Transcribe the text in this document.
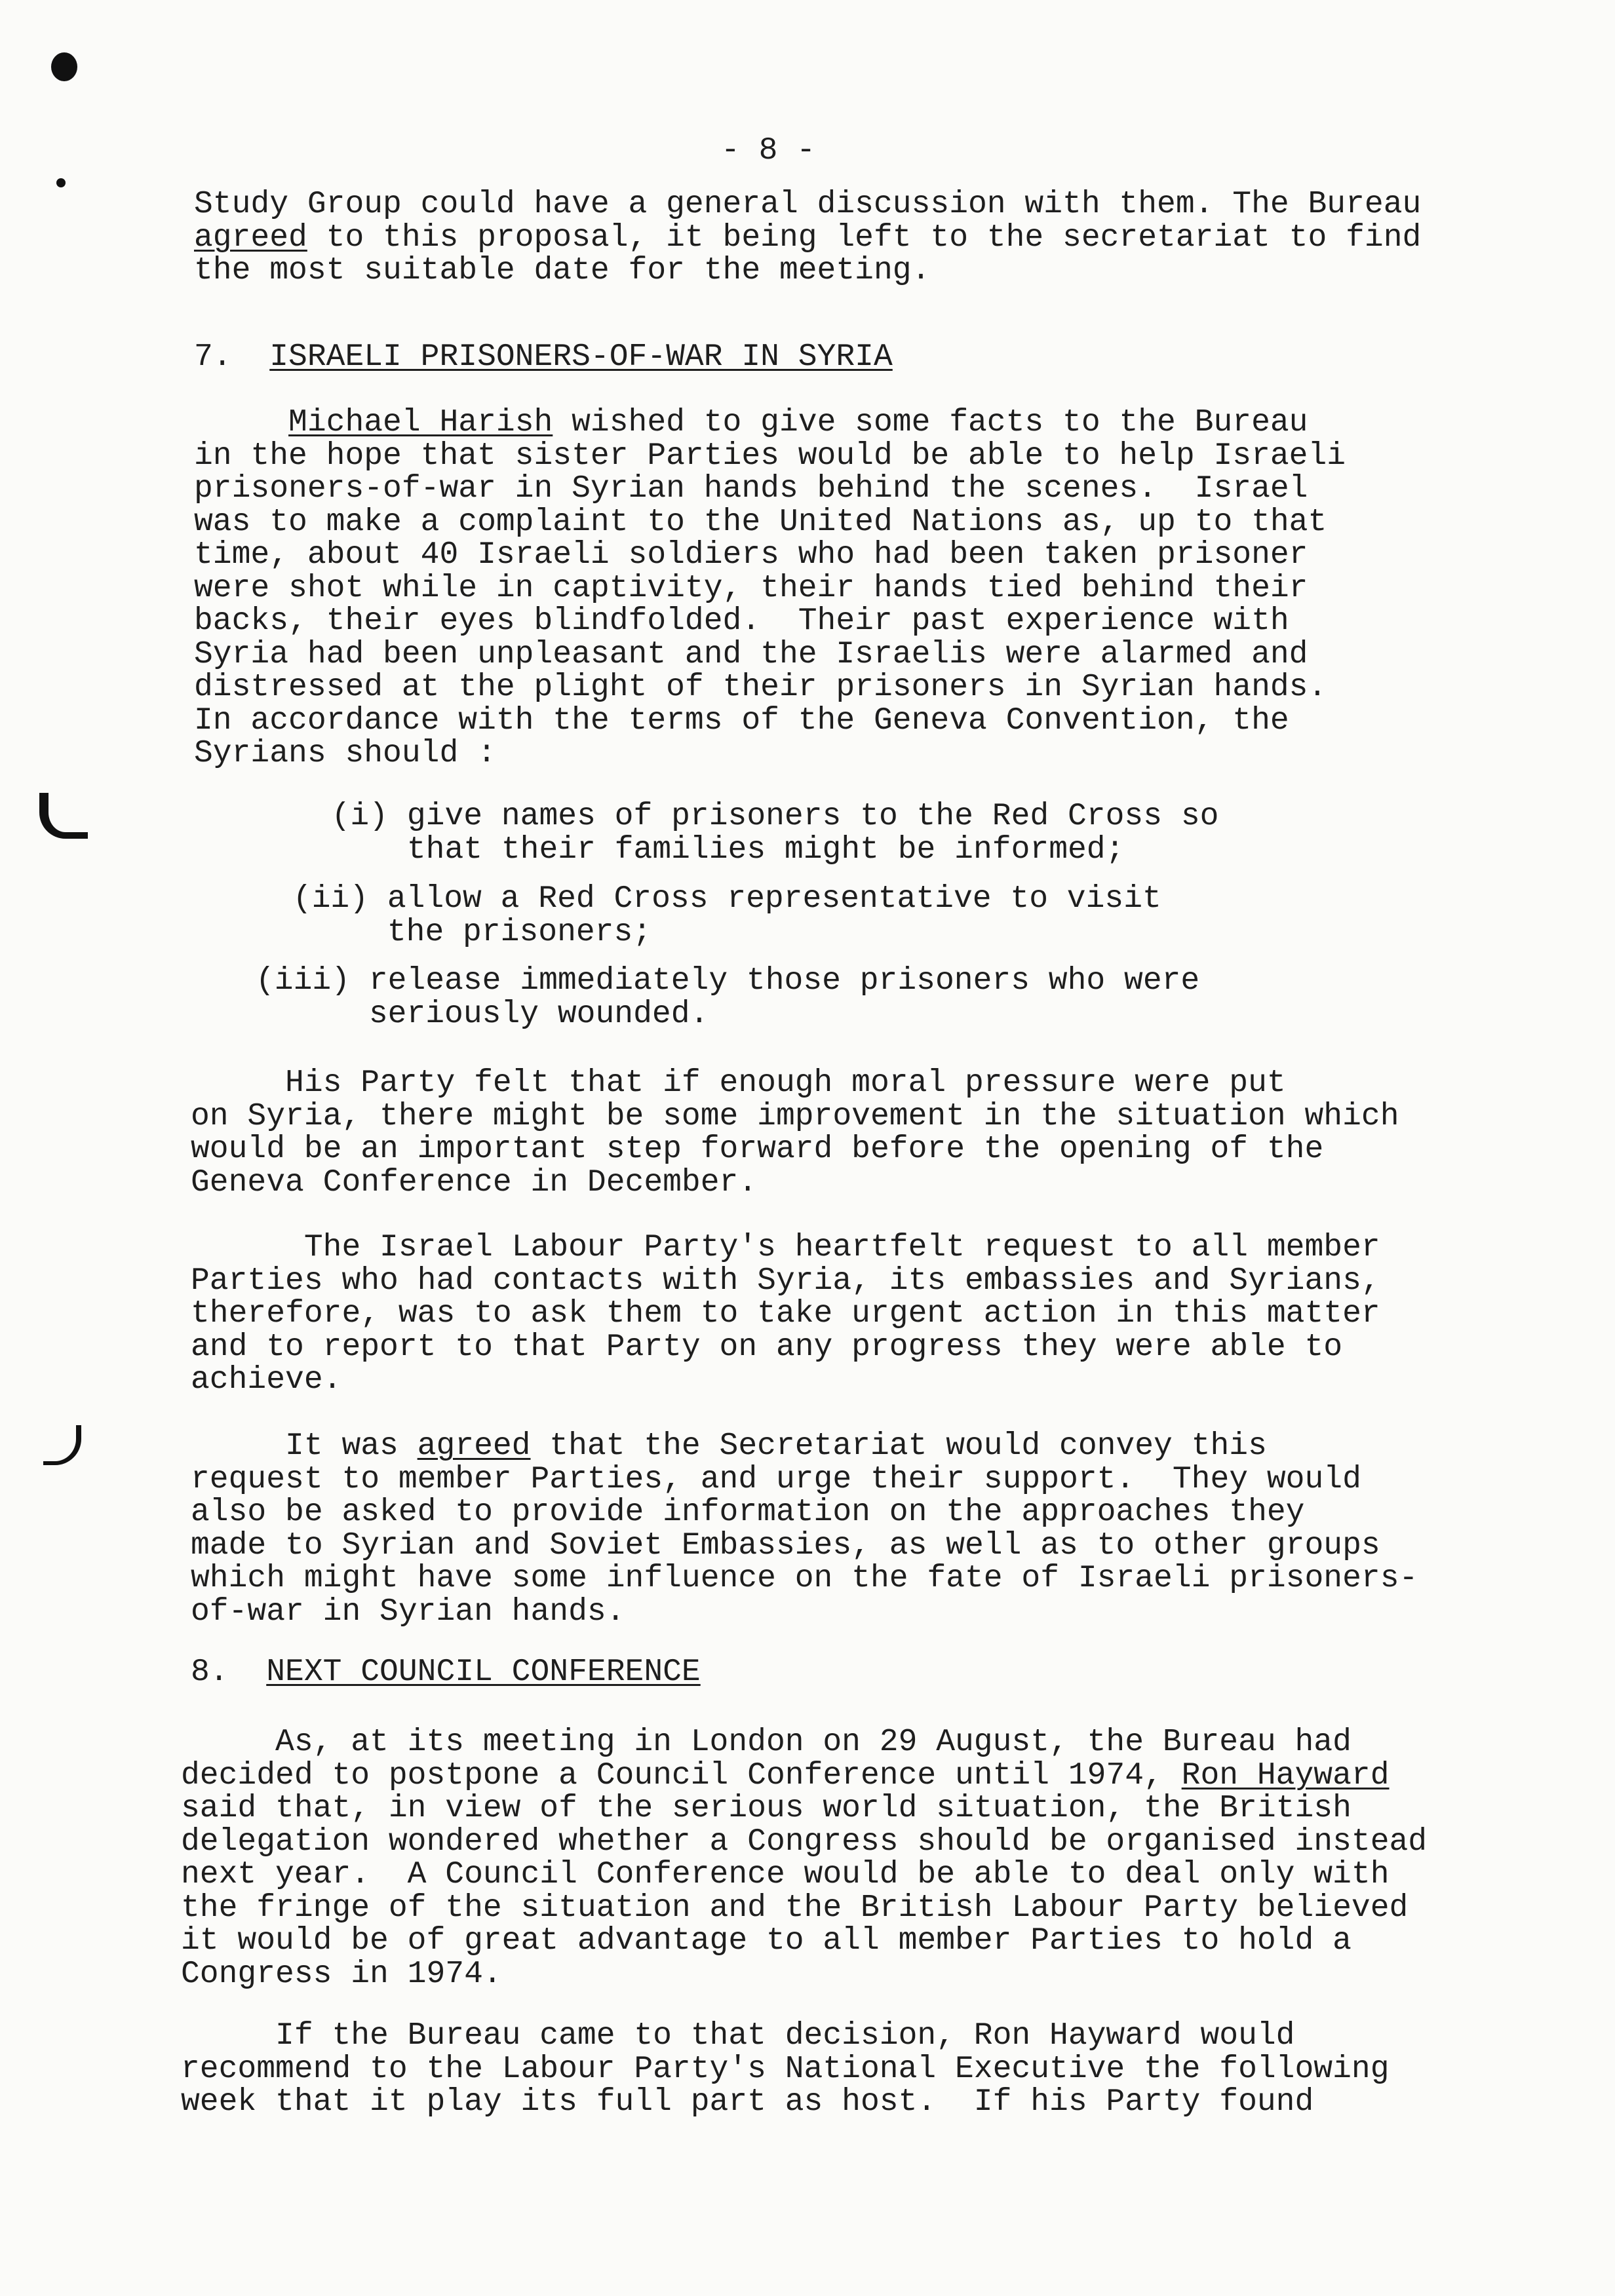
- 8 -
Study Group could have a general discussion with them. The Bureau
agreed to this proposal, it being left to the secretariat to find
the most suitable date for the meeting.
7.  ISRAELI PRISONERS-OF-WAR IN SYRIA
Michael Harish wished to give some facts to the Bureau
in the hope that sister Parties would be able to help Israeli
prisoners-of-war in Syrian hands behind the scenes.  Israel
was to make a complaint to the United Nations as, up to that
time, about 40 Israeli soldiers who had been taken prisoner
were shot while in captivity, their hands tied behind their
backs, their eyes blindfolded.  Their past experience with
Syria had been unpleasant and the Israelis were alarmed and
distressed at the plight of their prisoners in Syrian hands.
In accordance with the terms of the Geneva Convention, the
Syrians should :
(i) give names of prisoners to the Red Cross so
that their families might be informed;
(ii) allow a Red Cross representative to visit
the prisoners;
(iii) release immediately those prisoners who were
seriously wounded.
His Party felt that if enough moral pressure were put
on Syria, there might be some improvement in the situation which
would be an important step forward before the opening of the
Geneva Conference in December.
The Israel Labour Party's heartfelt request to all member
Parties who had contacts with Syria, its embassies and Syrians,
therefore, was to ask them to take urgent action in this matter
and to report to that Party on any progress they were able to
achieve.
It was agreed that the Secretariat would convey this
request to member Parties, and urge their support.  They would
also be asked to provide information on the approaches they
made to Syrian and Soviet Embassies, as well as to other groups
which might have some influence on the fate of Israeli prisoners-
of-war in Syrian hands.
8.  NEXT COUNCIL CONFERENCE
As, at its meeting in London on 29 August, the Bureau had
decided to postpone a Council Conference until 1974, Ron Hayward
said that, in view of the serious world situation, the British
delegation wondered whether a Congress should be organised instead
next year.  A Council Conference would be able to deal only with
the fringe of the situation and the British Labour Party believed
it would be of great advantage to all member Parties to hold a
Congress in 1974.
If the Bureau came to that decision, Ron Hayward would
recommend to the Labour Party's National Executive the following
week that it play its full part as host.  If his Party found
